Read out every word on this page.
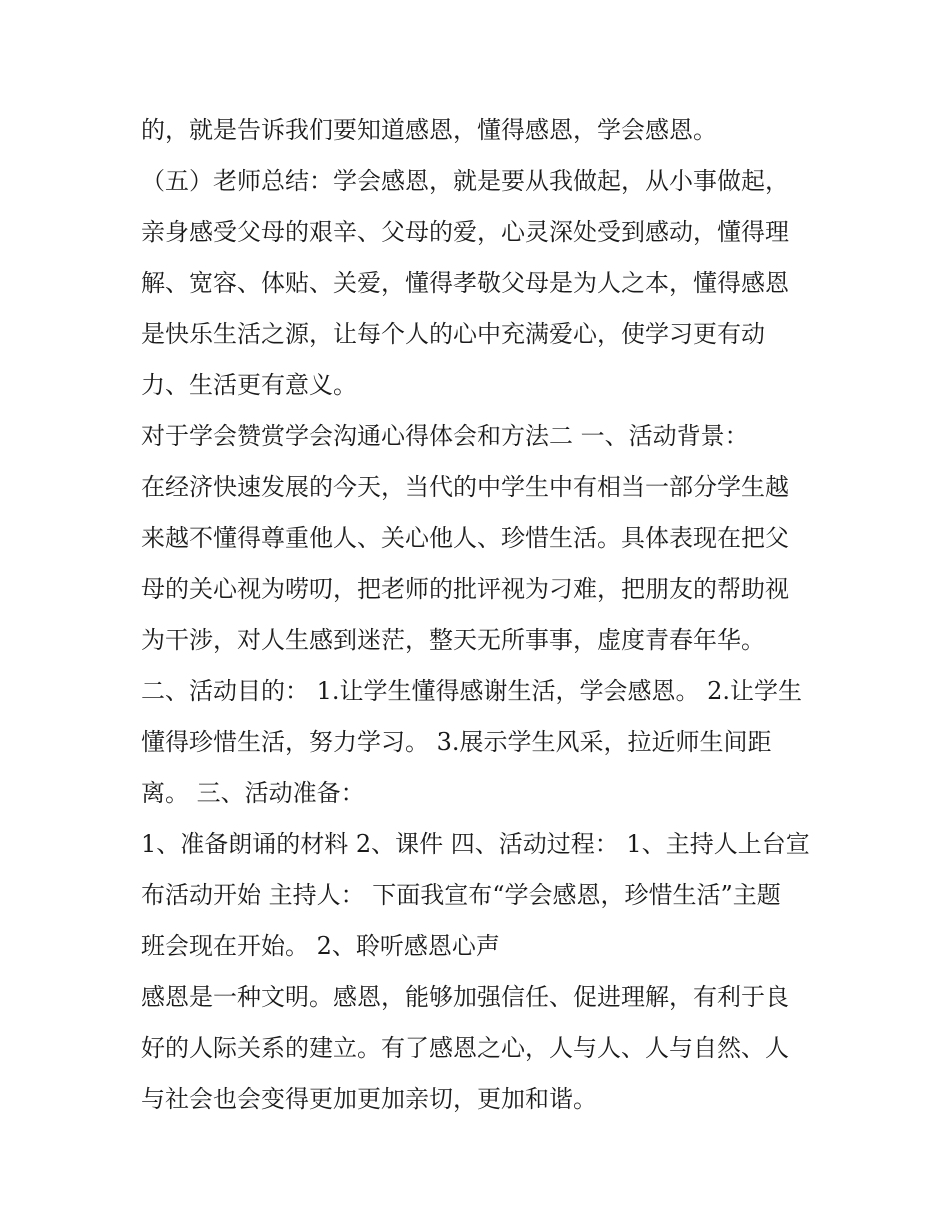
的，就是告诉我们要知道感恩，懂得感恩，学会感恩。
（五）老师总结：学会感恩，就是要从我做起，从小事做起，
亲身感受父母的艰辛、父母的爱，心灵深处受到感动，懂得理
解、宽容、体贴、关爱，懂得孝敬父母是为人之本，懂得感恩
是快乐生活之源，让每个人的心中充满爱心，使学习更有动
力、生活更有意义。
对于学会赞赏学会沟通心得体会和方法二 一、活动背景：
在经济快速发展的今天，当代的中学生中有相当一部分学生越
来越不懂得尊重他人、关心他人、珍惜生活。具体表现在把父
母的关心视为唠叨，把老师的批评视为刁难，把朋友的帮助视
为干涉，对人生感到迷茫，整天无所事事，虚度青春年华。
二、活动目的： 1.让学生懂得感谢生活，学会感恩。 2.让学生
懂得珍惜生活，努力学习。 3.展示学生风采，拉近师生间距
离。 三、活动准备：
1、准备朗诵的材料 2、课件 四、活动过程： 1、主持人上台宣
布活动开始 主持人： 下面我宣布“学会感恩，珍惜生活”主题
班会现在开始。 2、聆听感恩心声
感恩是一种文明。感恩，能够加强信任、促进理解，有利于良
好的人际关系的建立。有了感恩之心，人与人、人与自然、人
与社会也会变得更加更加亲切，更加和谐。
